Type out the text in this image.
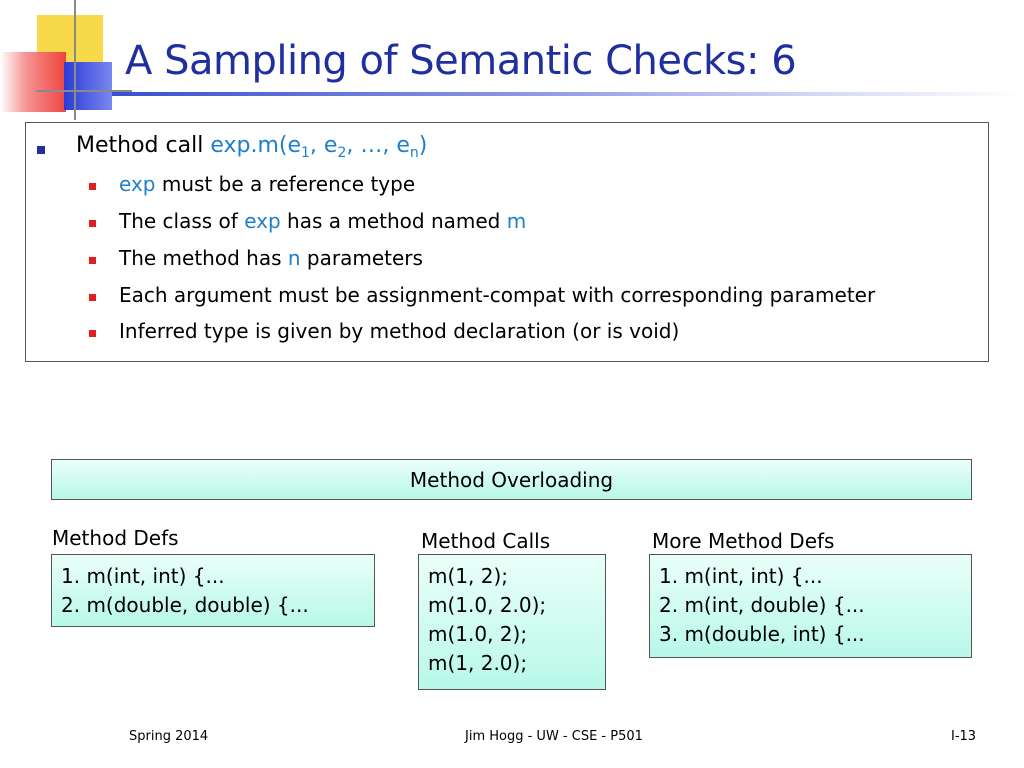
A Sampling of Semantic Checks: 6
Method call $\exp.m(e_1$, $e_2$, …, $e_n$)
exp must be a reference type
The class of exp has a method named m
The method has n parameters
Each argument must be assignment-compat with corresponding parameter
Inferred type is given by method declaration (or is void)
Method Overloading
Method Defs
1. m(int, int) {...
2. m(double, double) {...
Method Calls
m(1, 2);
m(1.0, 2.0);
m(1.0, 2);
m(1, 2.0);
More Method Defs
1. m(int, int) {...
2. m(int, double) {...
3. m(double, int) {...
Spring 2014	Jim Hogg - UW - CSE - P501	I-13
